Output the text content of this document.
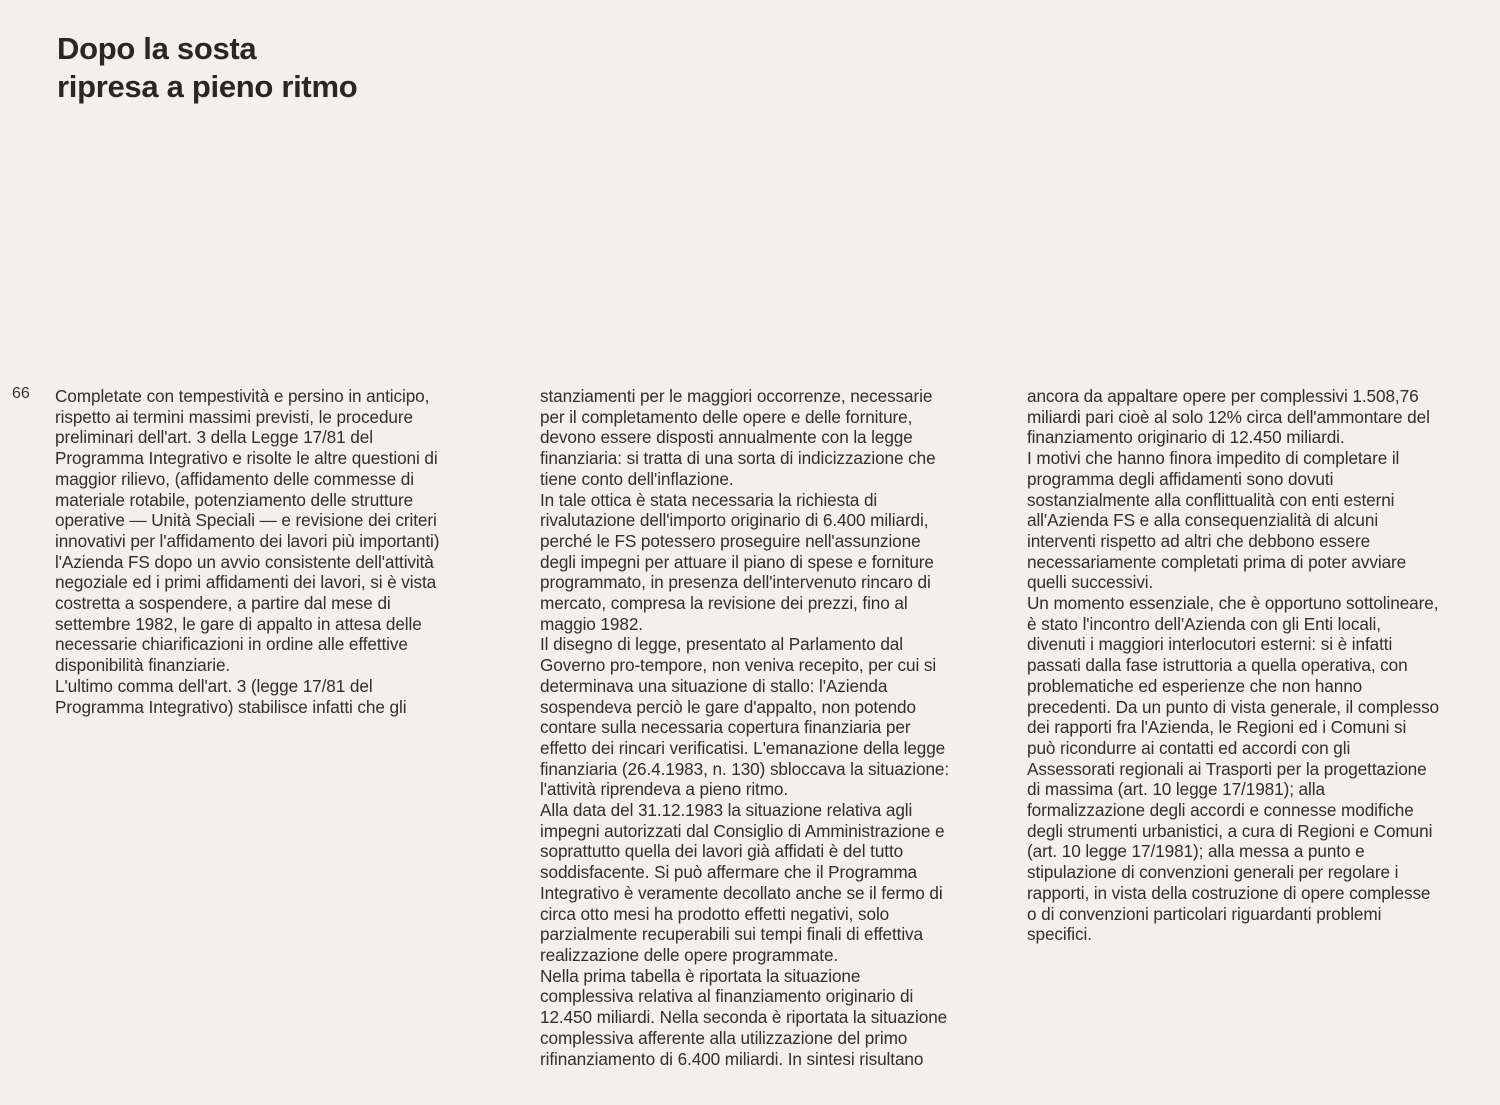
Dopo la sosta
ripresa a pieno ritmo
66 Completate con tempestività e persino in anticipo,
rispetto ai termini massimi previsti, le procedure
preliminari dell'art. 3 della Legge 17/81 del
Programma Integrativo e risolte le altre questioni di
maggior rilievo, (affidamento delle commesse di
materiale rotabile, potenziamento delle strutture
operative — Unità Speciali — e revisione dei criteri
innovativi per l'affidamento dei lavori più importanti)
l'Azienda FS dopo un avvio consistente dell'attività
negoziale ed i primi affidamenti dei lavori, si è vista
costretta a sospendere, a partire dal mese di
settembre 1982, le gare di appalto in attesa delle
necessarie chiarificazioni in ordine alle effettive
disponibilità finanziarie.
L'ultimo comma dell'art. 3 (legge 17/81 del
Programma Integrativo) stabilisce infatti che gli
stanziamenti per le maggiori occorrenze, necessarie
per il completamento delle opere e delle forniture,
devono essere disposti annualmente con la legge
finanziaria: si tratta di una sorta di indicizzazione che
tiene conto dell'inflazione.
In tale ottica è stata necessaria la richiesta di
rivalutazione dell'importo originario di 6.400 miliardi,
perché le FS potessero proseguire nell'assunzione
degli impegni per attuare il piano di spese e forniture
programmato, in presenza dell'intervenuto rincaro di
mercato, compresa la revisione dei prezzi, fino al
maggio 1982.
Il disegno di legge, presentato al Parlamento dal
Governo pro-tempore, non veniva recepito, per cui si
determinava una situazione di stallo: l'Azienda
sospendeva perciò le gare d'appalto, non potendo
contare sulla necessaria copertura finanziaria per
effetto dei rincari verificatisi. L'emanazione della legge
finanziaria (26.4.1983, n. 130) sbloccava la situazione:
l'attività riprendeva a pieno ritmo.
Alla data del 31.12.1983 la situazione relativa agli
impegni autorizzati dal Consiglio di Amministrazione e
soprattutto quella dei lavori già affidati è del tutto
soddisfacente. Si può affermare che il Programma
Integrativo è veramente decollato anche se il fermo di
circa otto mesi ha prodotto effetti negativi, solo
parzialmente recuperabili sui tempi finali di effettiva
realizzazione delle opere programmate.
Nella prima tabella è riportata la situazione
complessiva relativa al finanziamento originario di
12.450 miliardi. Nella seconda è riportata la situazione
complessiva afferente alla utilizzazione del primo
rifinanziamento di 6.400 miliardi. In sintesi risultano
ancora da appaltare opere per complessivi 1.508,76
miliardi pari cioè al solo 12% circa dell'ammontare del
finanziamento originario di 12.450 miliardi.
I motivi che hanno finora impedito di completare il
programma degli affidamenti sono dovuti
sostanzialmente alla conflittualità con enti esterni
all'Azienda FS e alla consequenzialità di alcuni
interventi rispetto ad altri che debbono essere
necessariamente completati prima di poter avviare
quelli successivi.
Un momento essenziale, che è opportuno sottolineare,
è stato l'incontro dell'Azienda con gli Enti locali,
divenuti i maggiori interlocutori esterni: si è infatti
passati dalla fase istruttoria a quella operativa, con
problematiche ed esperienze che non hanno
precedenti. Da un punto di vista generale, il complesso
dei rapporti fra l'Azienda, le Regioni ed i Comuni si
può ricondurre ai contatti ed accordi con gli
Assessorati regionali ai Trasporti per la progettazione
di massima (art. 10 legge 17/1981); alla
formalizzazione degli accordi e connesse modifiche
degli strumenti urbanistici, a cura di Regioni e Comuni
(art. 10 legge 17/1981); alla messa a punto e
stipulazione di convenzioni generali per regolare i
rapporti, in vista della costruzione di opere complesse
o di convenzioni particolari riguardanti problemi
specifici.
